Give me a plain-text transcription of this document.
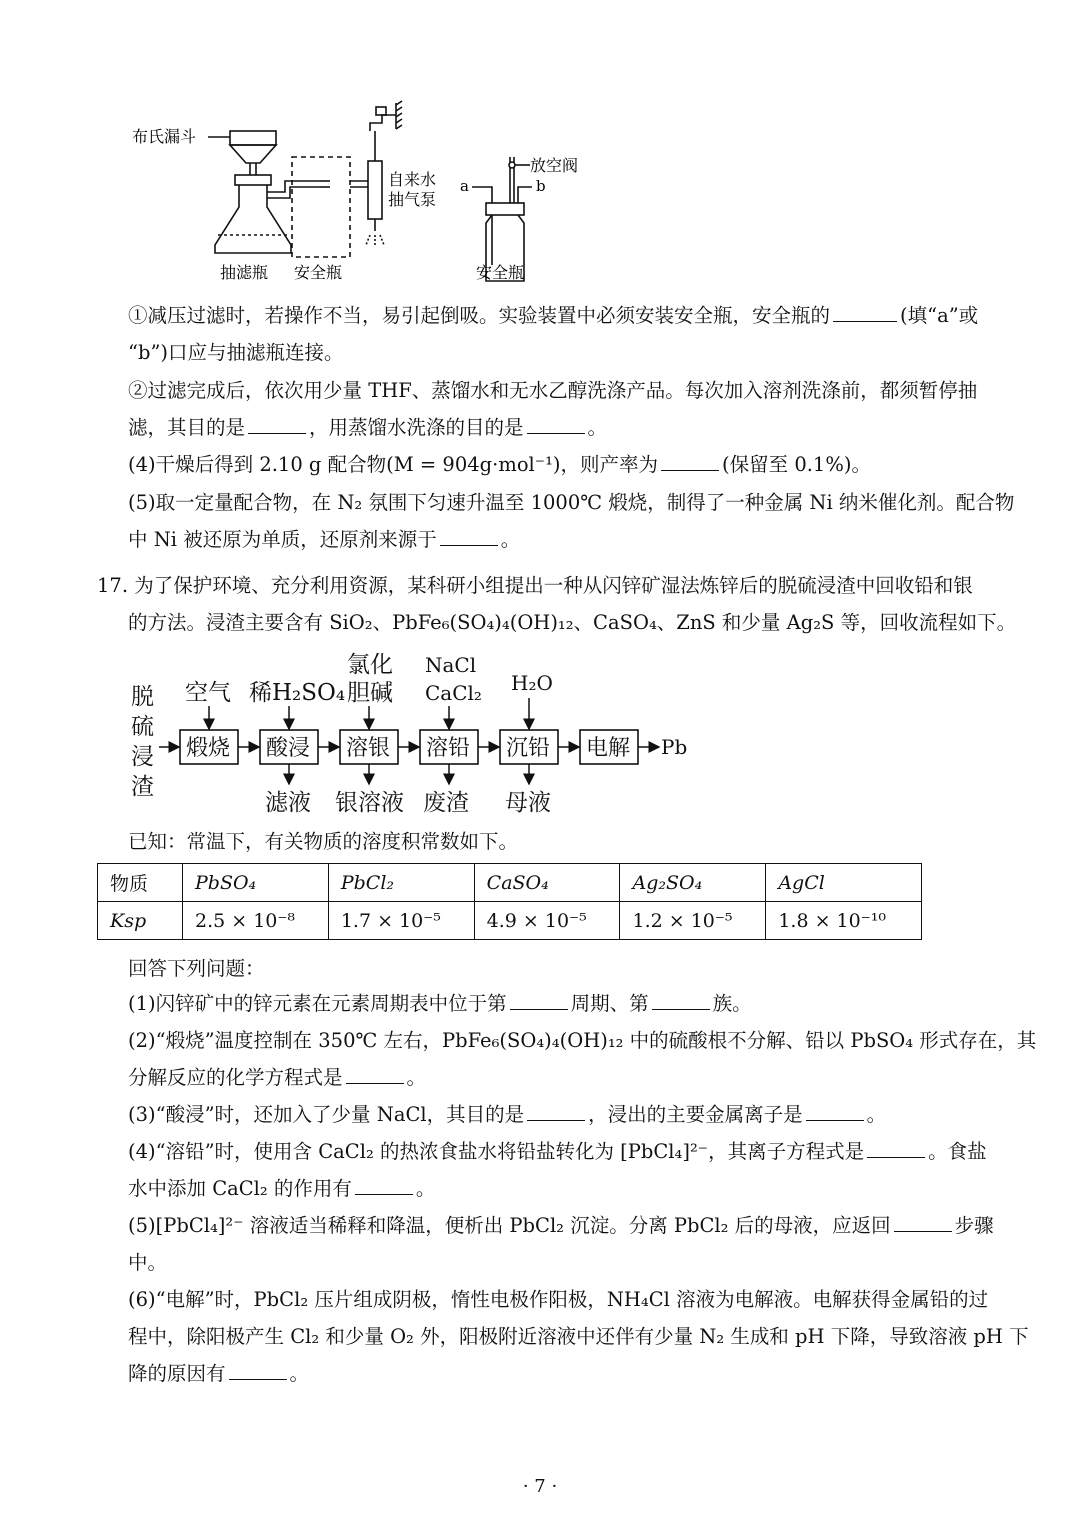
布氏漏斗
自来水
抽气泵
放空阀
a	b
抽滤瓶 安全瓶	安全瓶
①减压过滤时，若操作不当，易引起倒吸。实验装置中必须安装安全瓶，安全瓶的	(填“a”或
“b”)口应与抽滤瓶连接。
②过滤完成后，依次用少量 THF、蒸馏水和无水乙醇洗涤产品。每次加入溶剂洗涤前，都须暂停抽
滤，其目的是	，用蒸馏水洗涤的目的是	。
(4)干燥后得到 2.10 g 配合物(M = 904g·mol⁻¹)，则产率为	(保留至 0.1%)。
(5)取一定量配合物，在 N₂ 氛围下匀速升温至 1000℃ 煅烧，制得了一种金属 Ni 纳米催化剂。配合物
中 Ni 被还原为单质，还原剂来源于	。
17. 为了保护环境、充分利用资源，某科研小组提出一种从闪锌矿湿法炼锌后的脱硫浸渣中回收铅和银
的方法。浸渣主要含有 SiO₂、PbFe₆(SO₄)₄(OH)₁₂、CaSO₄、ZnS 和少量 Ag₂S 等，回收流程如下。
脱
硫
浸
渣
空气 稀H₂SO₄
氯化
胆碱
NaCl
CaCl₂ H₂O
滤液 银溶液 废渣 母液
Pb
煅烧 酸浸 溶银 溶铅 沉铅 电解
已知：常温下，有关物质的溶度积常数如下。
物质	PbSO₄	PbCl₂	CaSO₄	Ag₂SO₄	AgCl
Ksp	2.5 × 10⁻⁸	1.7 × 10⁻⁵	4.9 × 10⁻⁵	1.2 × 10⁻⁵	1.8 × 10⁻¹⁰
回答下列问题：
(1)闪锌矿中的锌元素在元素周期表中位于第	周期、第	族。
(2)“煅烧”温度控制在 350℃ 左右，PbFe₆(SO₄)₄(OH)₁₂ 中的硫酸根不分解、铅以 PbSO₄ 形式存在，其
分解反应的化学方程式是	。
(3)“酸浸”时，还加入了少量 NaCl，其目的是	，浸出的主要金属离子是	。
(4)“溶铅”时，使用含 CaCl₂ 的热浓食盐水将铅盐转化为 [PbCl₄]²⁻，其离子方程式是	。食盐
水中添加 CaCl₂ 的作用有	。
(5)[PbCl₄]²⁻ 溶液适当稀释和降温，便析出 PbCl₂ 沉淀。分离 PbCl₂ 后的母液，应返回	步骤
中。
(6)“电解”时，PbCl₂ 压片组成阴极，惰性电极作阳极，NH₄Cl 溶液为电解液。电解获得金属铅的过
程中，除阳极产生 Cl₂ 和少量 O₂ 外，阳极附近溶液中还伴有少量 N₂ 生成和 pH 下降，导致溶液 pH 下
降的原因有	。
· 7 ·
